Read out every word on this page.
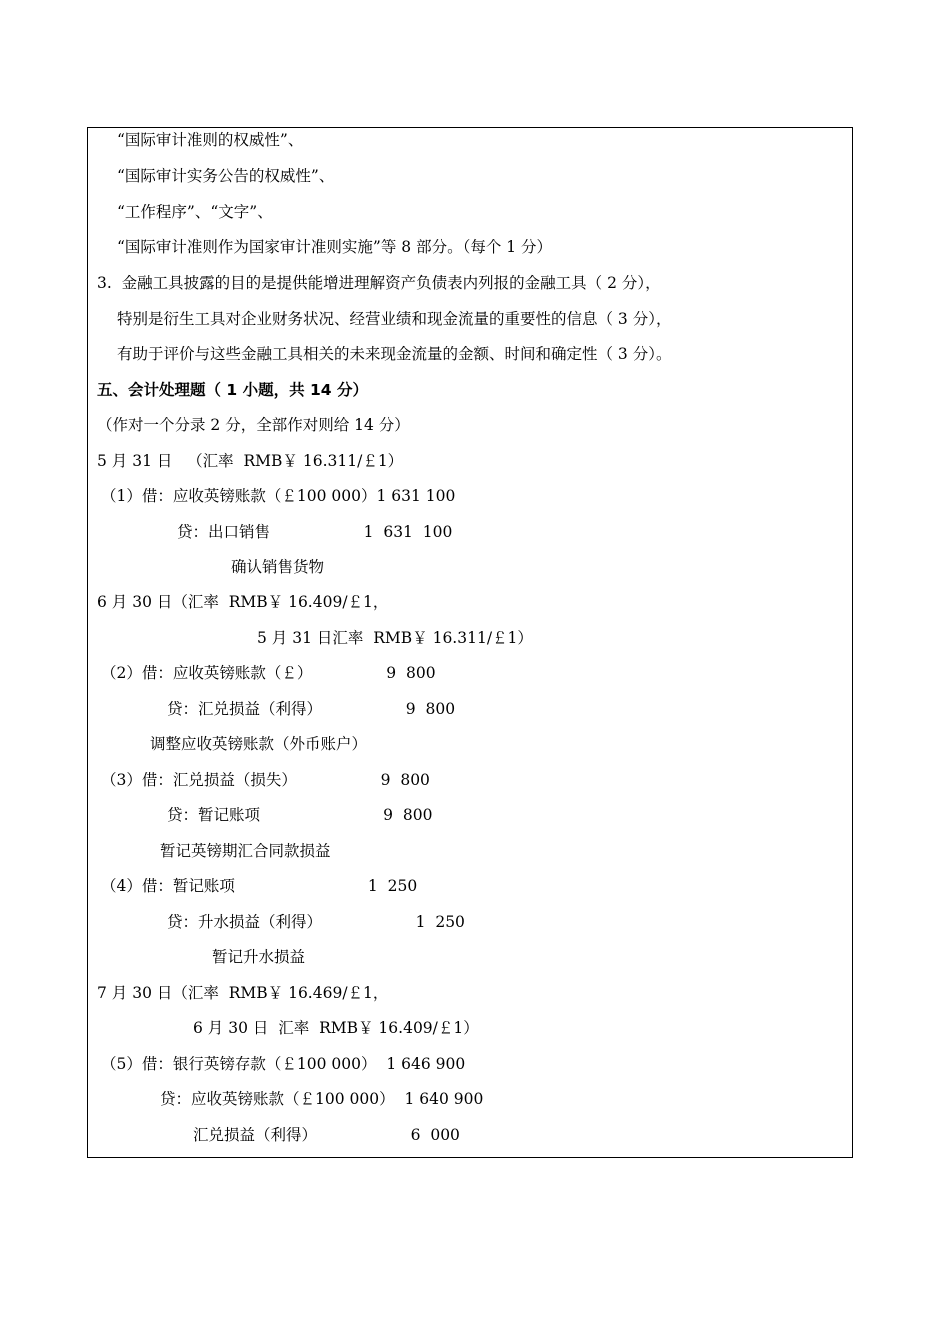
“国际审计准则的权威性”、
“国际审计实务公告的权威性”、
“工作程序”、“文字”、
“国际审计准则作为国家审计准则实施”等 8 部分。（每个 1 分）
3.  金融工具披露的目的是提供能增进理解资产负债表内列报的金融工具（ 2 分），
特别是衍生工具对企业财务状况、经营业绩和现金流量的重要性的信息（ 3 分），
有助于评价与这些金融工具相关的未来现金流量的金额、时间和确定性（ 3 分）。
五、会计处理题（ 1 小题，共 14 分）
（作对一个分录 2 分，全部作对则给 14 分）
5 月 31 日   （汇率  RMB￥ 16.311/￡1）
（1）借：应收英镑账款（￡100 000）1 631 100
贷：出口销售                   1  631  100
确认销售货物
6 月 30 日（汇率  RMB￥ 16.409/￡1，
5 月 31 日汇率  RMB￥ 16.311/￡1）
（2）借：应收英镑账款（￡）               9  800
贷：汇兑损益（利得）                 9  800
调整应收英镑账款（外币账户）
（3）借：汇兑损益（损失）                 9  800
贷：暂记账项                         9  800
暂记英镑期汇合同款损益
（4）借：暂记账项                           1  250
贷：升水损益（利得）                   1  250
暂记升水损益
7 月 30 日（汇率  RMB￥ 16.469/￡1，
6 月 30 日  汇率  RMB￥ 16.409/￡1）
（5）借：银行英镑存款（￡100 000）  1 646 900
贷：应收英镑账款（￡100 000）  1 640 900
汇兑损益（利得）                   6  000
